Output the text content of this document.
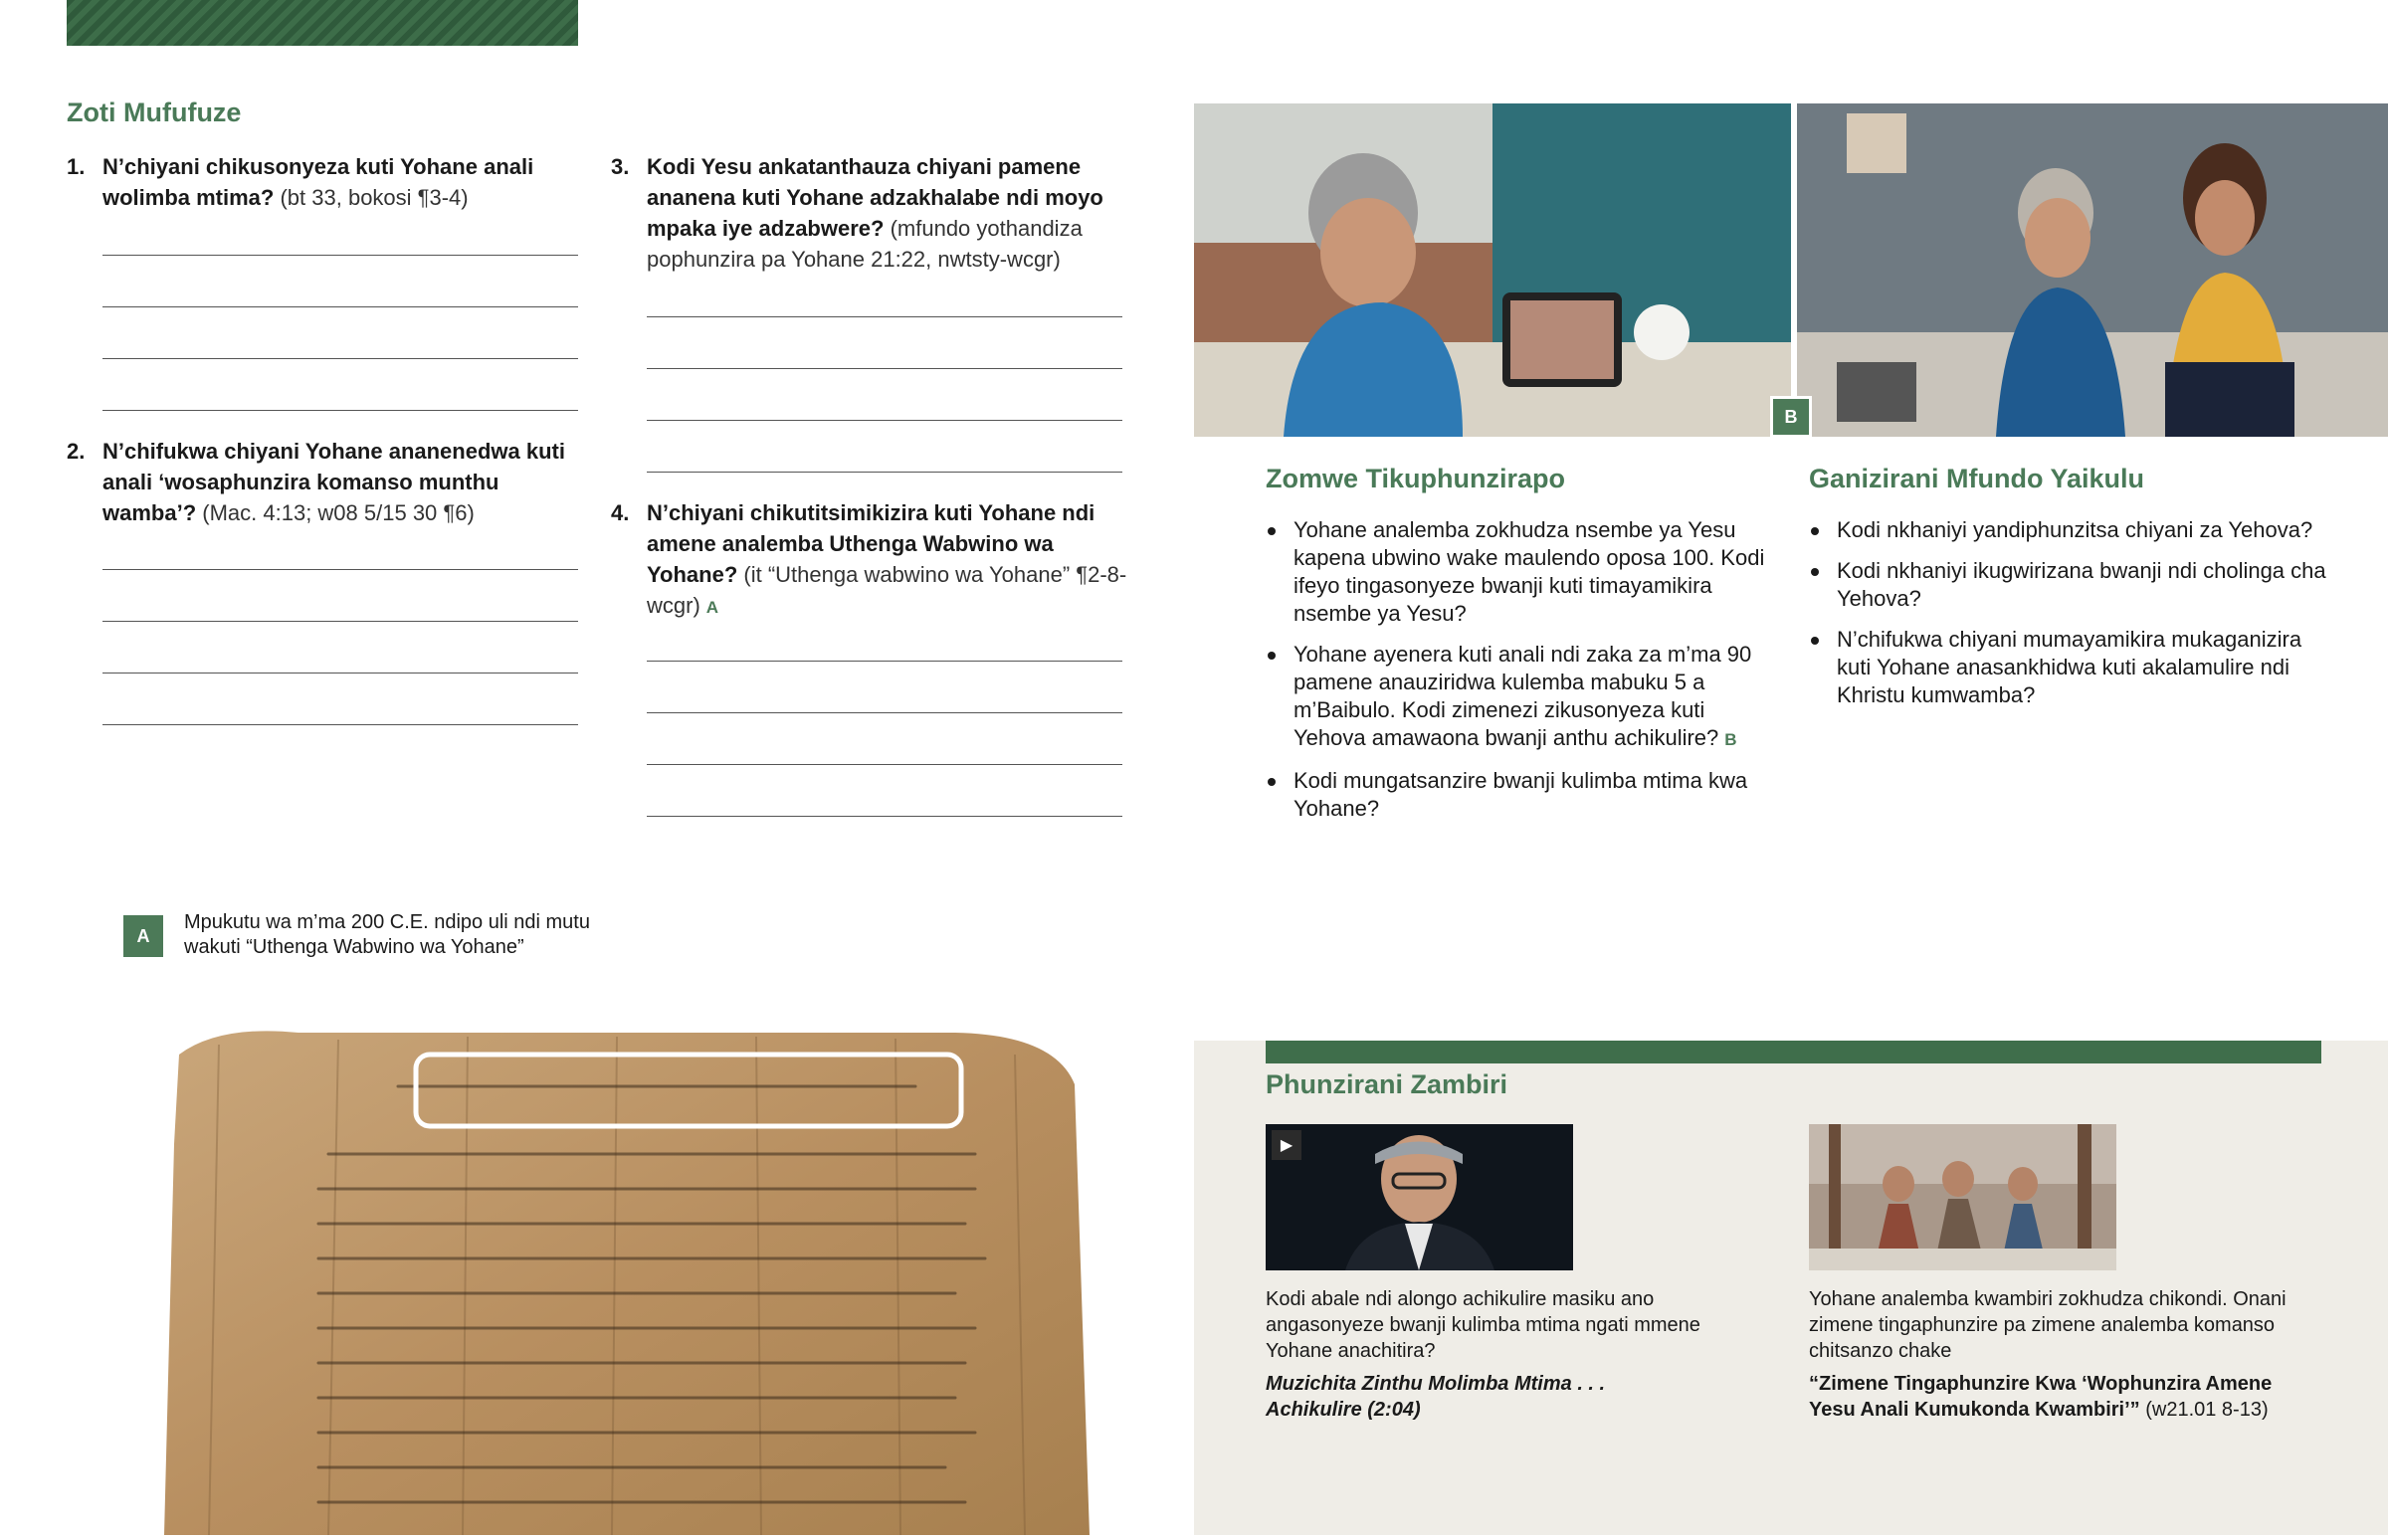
Zoti Mufufuze
1. N’chiyani chikusonyeza kuti Yohane anali wolimba mtima? (bt 33, bokosi ¶3-4)
2. N’chifukwa chiyani Yohane ananenedwa kuti anali ‘wosaphunzira komanso munthu wamba’? (Mac. 4:13; w08 5/15 30 ¶6)
3. Kodi Yesu ankatanthauza chiyani pamene ananena kuti Yohane adzakhalabe ndi moyo mpaka iye adzabwere? (mfundo yothandiza pophunzira pa Yohane 21:22, nwtsty-wcgr)
4. N’chiyani chikutitsimikizira kuti Yohane ndi amene analemba Uthenga Wabwino wa Yohane? (it “Uthenga wabwino wa Yohane” ¶2-8-wcgr) A
A
Mpukutu wa m’ma 200 C.E. ndipo uli ndi mutu wakuti “Uthenga Wabwino wa Yohane”
B
Zomwe Tikuphunzirapo
Yohane analemba zokhudza nsembe ya Yesu kapena ubwino wake maulendo oposa 100. Kodi ifeyo tingasonyeze bwanji kuti timayamikira nsembe ya Yesu?
Yohane ayenera kuti anali ndi zaka za m’ma 90 pamene anauziridwa kulemba mabuku 5 a m’Baibulo. Kodi zimenezi zikusonyeza kuti Yehova amawaona bwanji anthu achikulire? B
Kodi mungatsanzire bwanji kulimba mtima kwa Yohane?
Ganizirani Mfundo Yaikulu
Kodi nkhaniyi yandiphunzitsa chiyani za Yehova?
Kodi nkhaniyi ikugwirizana bwanji ndi cholinga cha Yehova?
N’chifukwa chiyani mumayamikira mukaganizira kuti Yohane anasankhidwa kuti akalamulire ndi Khristu kumwamba?
Phunzirani Zambiri
▶
Kodi abale ndi alongo achikulire masiku ano angasonyeze bwanji kulimba mtima ngati mmene Yohane anachitira?
Muzichita Zinthu Molimba Mtima . . . Achikulire (2:04)
Yohane analemba kwambiri zokhudza chikondi. Onani zimene tingaphunzire pa zimene analemba komanso chitsanzo chake
“Zimene Tingaphunzire Kwa ‘Wophunzira Amene Yesu Anali Kumukonda Kwambiri’” (w21.01 8-13)
